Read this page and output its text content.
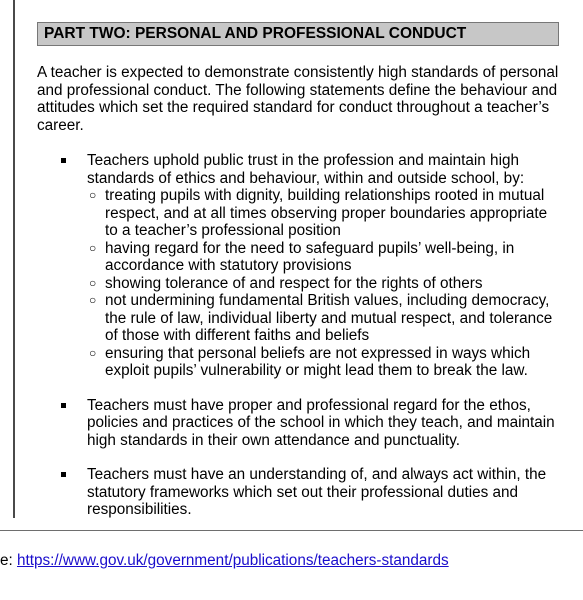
PART TWO: PERSONAL AND PROFESSIONAL CONDUCT

A teacher is expected to demonstrate consistently high standards of personal and professional conduct. The following statements define the behaviour and attitudes which set the required standard for conduct throughout a teacher’s career.

Teachers uphold public trust in the profession and maintain high standards of ethics and behaviour, within and outside school, by:
○ treating pupils with dignity, building relationships rooted in mutual respect, and at all times observing proper boundaries appropriate to a teacher’s professional position
○ having regard for the need to safeguard pupils’ well-being, in accordance with statutory provisions
○ showing tolerance of and respect for the rights of others
○ not undermining fundamental British values, including democracy, the rule of law, individual liberty and mutual respect, and tolerance of those with different faiths and beliefs
○ ensuring that personal beliefs are not expressed in ways which exploit pupils’ vulnerability or might lead them to break the law.
Teachers must have proper and professional regard for the ethos, policies and practices of the school in which they teach, and maintain high standards in their own attendance and punctuality.
Teachers must have an understanding of, and always act within, the statutory frameworks which set out their professional duties and responsibilities.
e: https://www.gov.uk/government/publications/teachers-standards
